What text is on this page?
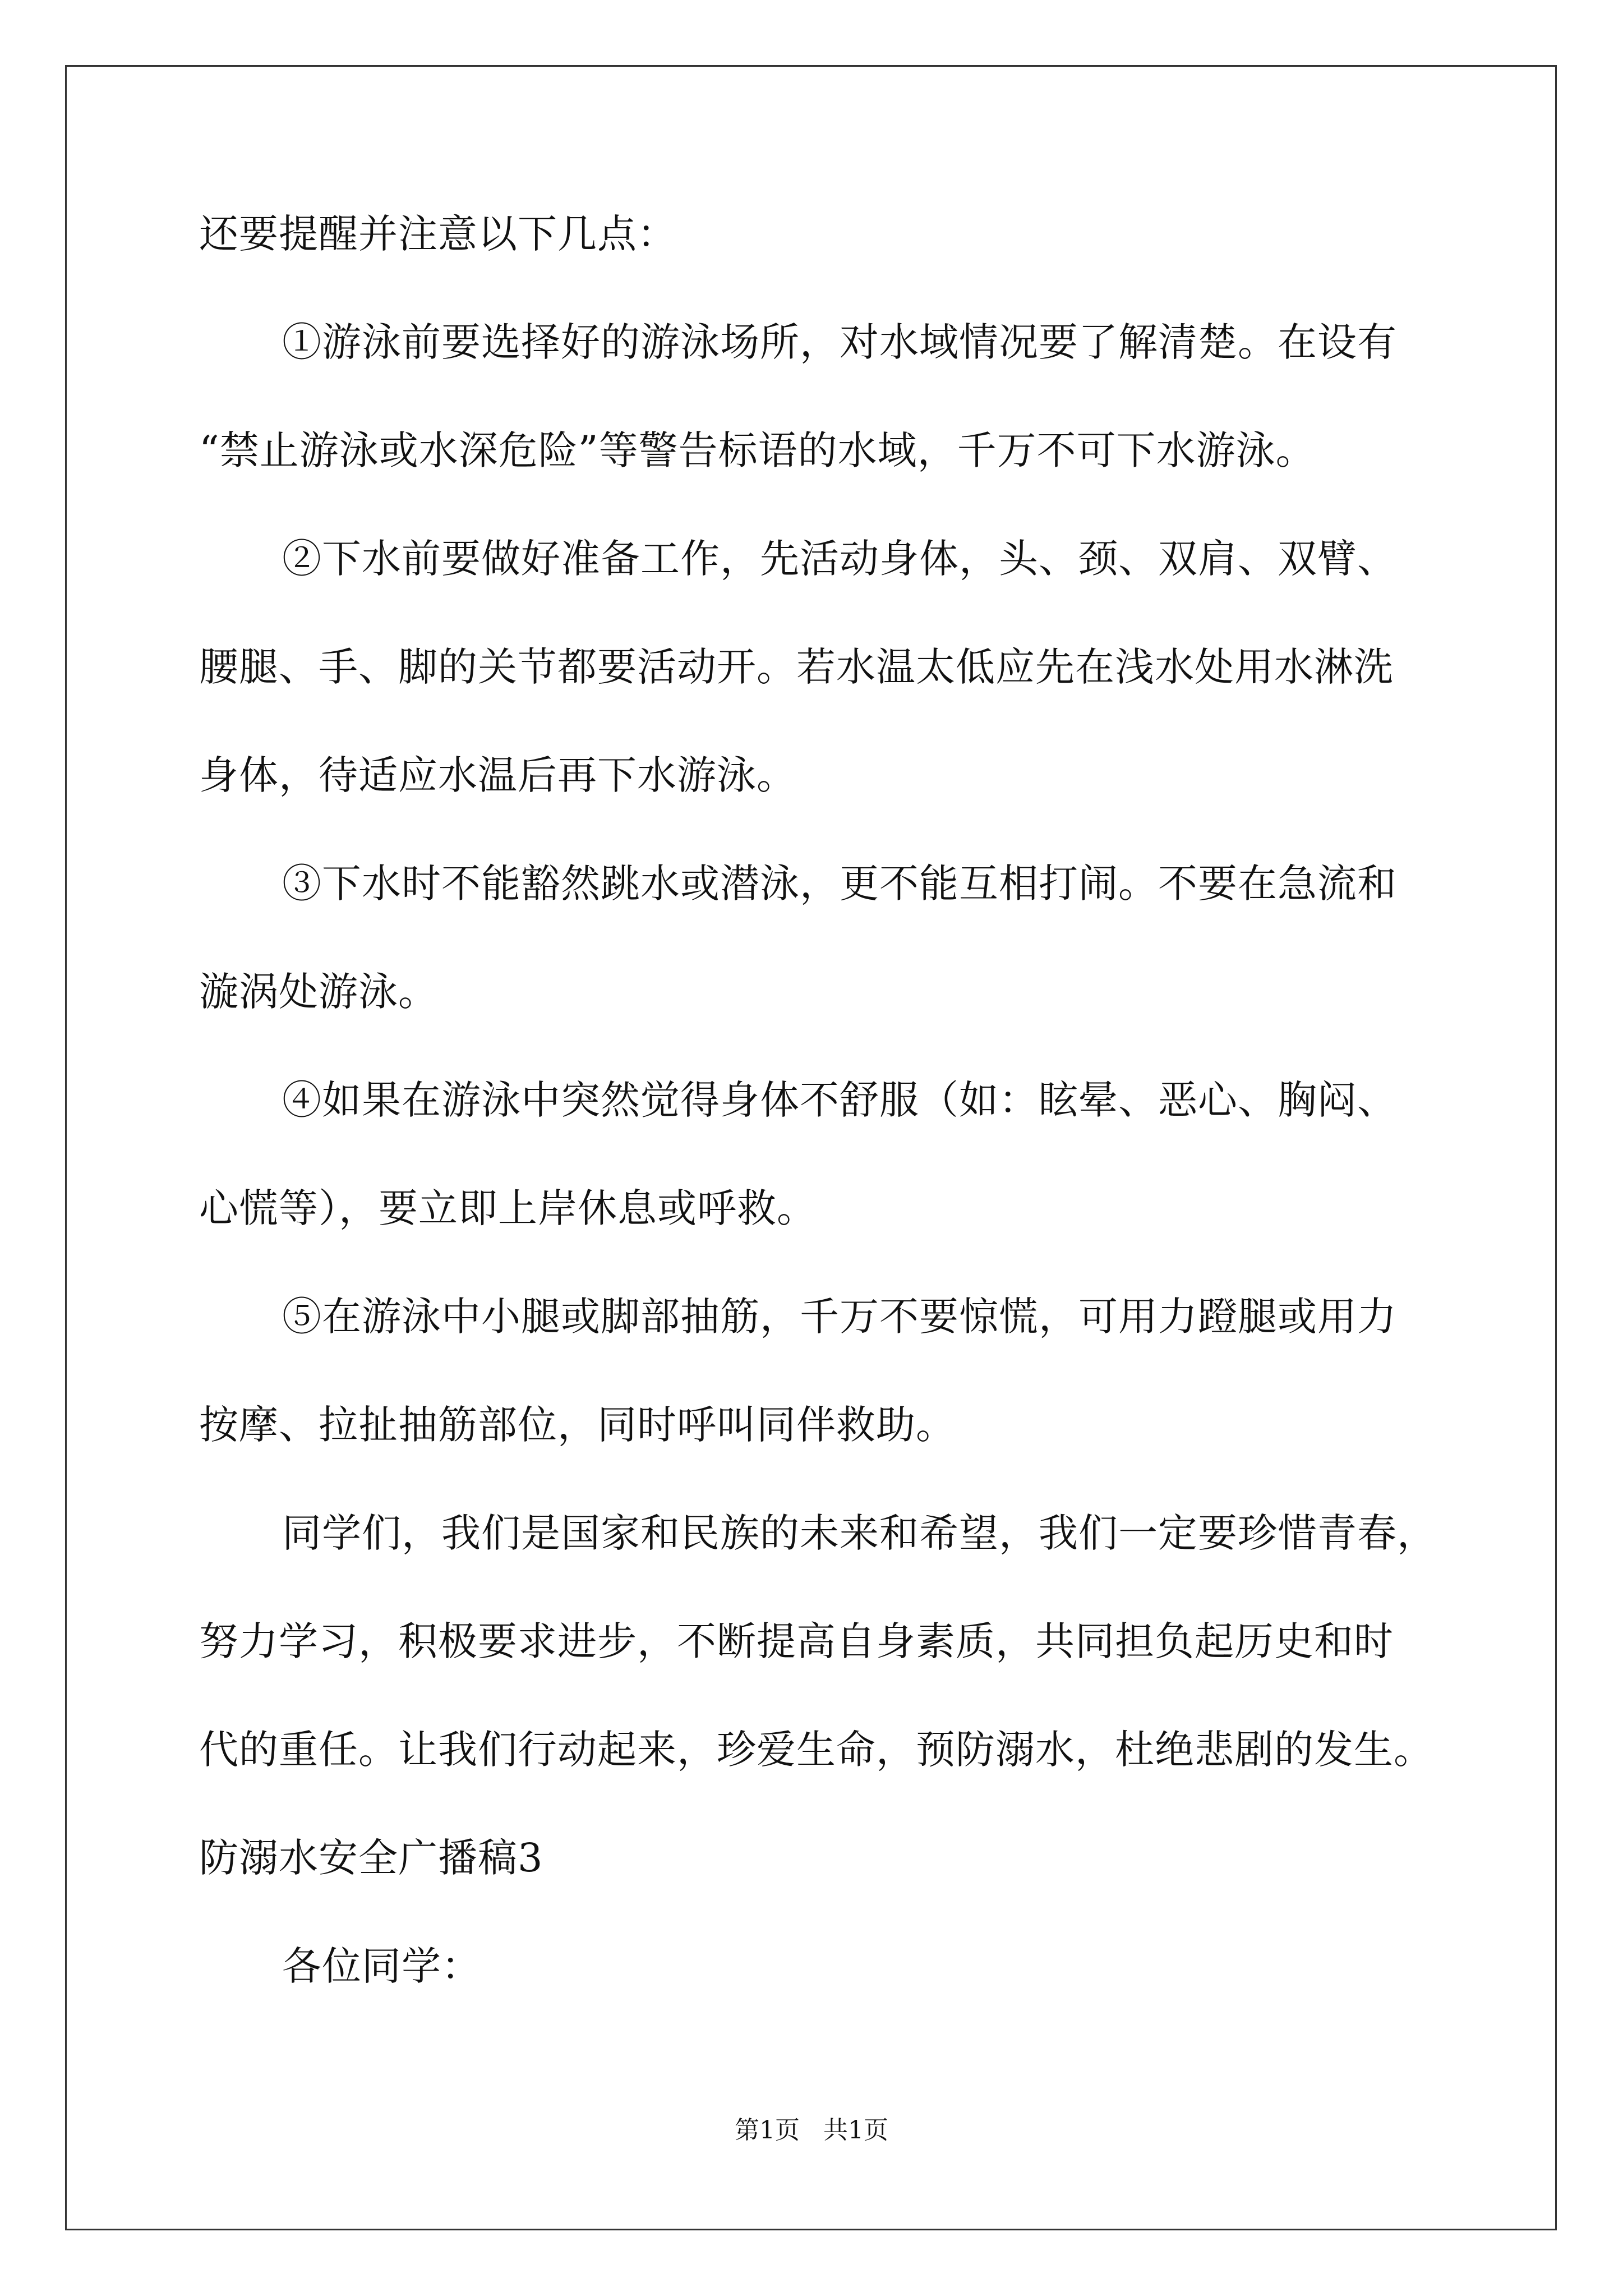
还要提醒并注意以下几点：
①游泳前要选择好的游泳场所，对水域情况要了解清楚。在设有
“禁止游泳或水深危险”等警告标语的水域，千万不可下水游泳。
②下水前要做好准备工作，先活动身体，头、颈、双肩、双臂、
腰腿、手、脚的关节都要活动开。若水温太低应先在浅水处用水淋洗
身体，待适应水温后再下水游泳。
③下水时不能豁然跳水或潜泳，更不能互相打闹。不要在急流和
漩涡处游泳。
④如果在游泳中突然觉得身体不舒服（如：眩晕、恶心、胸闷、
心慌等），要立即上岸休息或呼救。
⑤在游泳中小腿或脚部抽筋，千万不要惊慌，可用力蹬腿或用力
按摩、拉扯抽筋部位，同时呼叫同伴救助。
同学们，我们是国家和民族的未来和希望，我们一定要珍惜青春，
努力学习，积极要求进步，不断提高自身素质，共同担负起历史和时
代的重任。让我们行动起来，珍爱生命，预防溺水，杜绝悲剧的发生。
防溺水安全广播稿3
各位同学：
第1页   共1页
